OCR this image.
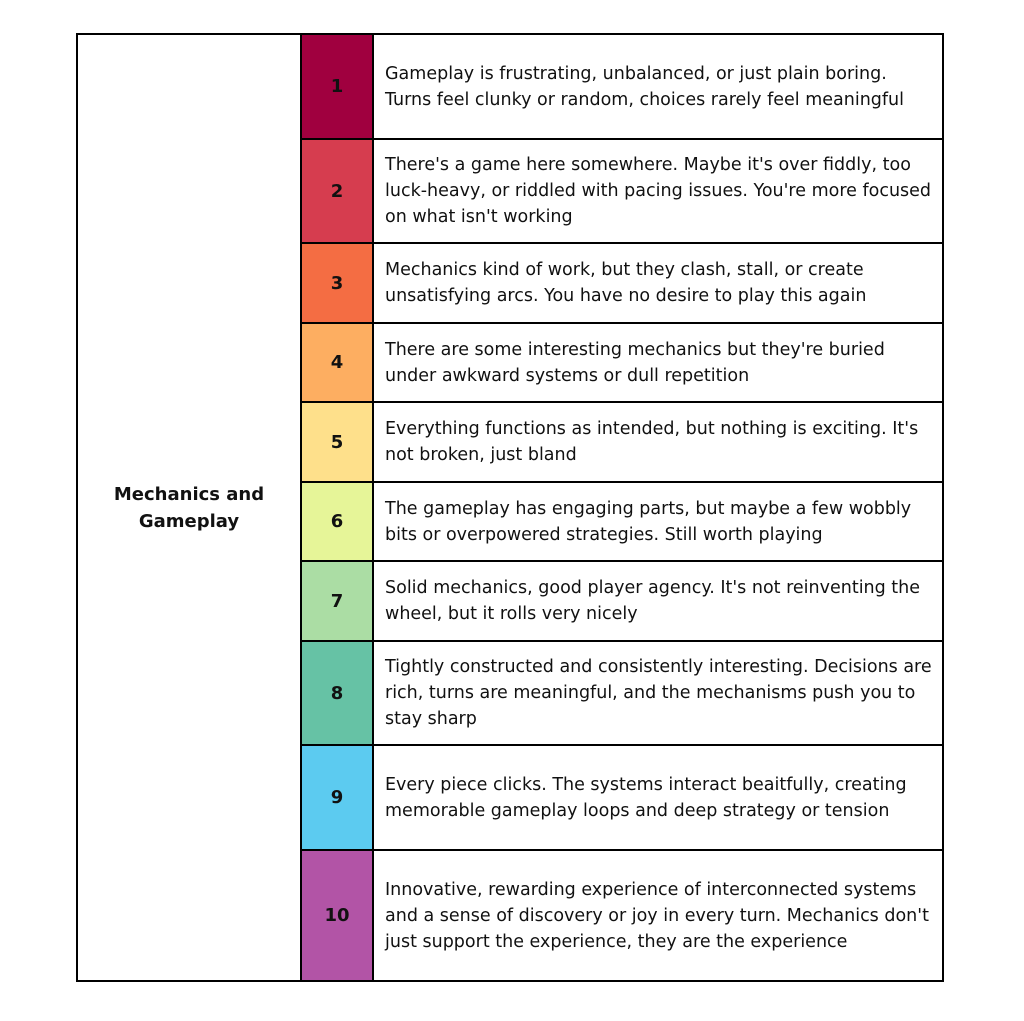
Mechanics and Gameplay	1	Gameplay is frustrating, unbalanced, or just plain boring. Turns feel clunky or random, choices rarely feel meaningful
	2	There's a game here somewhere. Maybe it's over fiddly, too luck-heavy, or riddled with pacing issues. You're more focused on what isn't working
	3	Mechanics kind of work, but they clash, stall, or create unsatisfying arcs. You have no desire to play this again
	4	There are some interesting mechanics but they're buried under awkward systems or dull repetition
	5	Everything functions as intended, but nothing is exciting. It's not broken, just bland
	6	The gameplay has engaging parts, but maybe a few wobbly bits or overpowered strategies. Still worth playing
	7	Solid mechanics, good player agency. It's not reinventing the wheel, but it rolls very nicely
	8	Tightly constructed and consistently interesting. Decisions are rich, turns are meaningful, and the mechanisms push you to stay sharp
	9	Every piece clicks. The systems interact beaitfully, creating memorable gameplay loops and deep strategy or tension
	10	Innovative, rewarding experience of interconnected systems and a sense of discovery or joy in every turn. Mechanics don't just support the experience, they are the experience
